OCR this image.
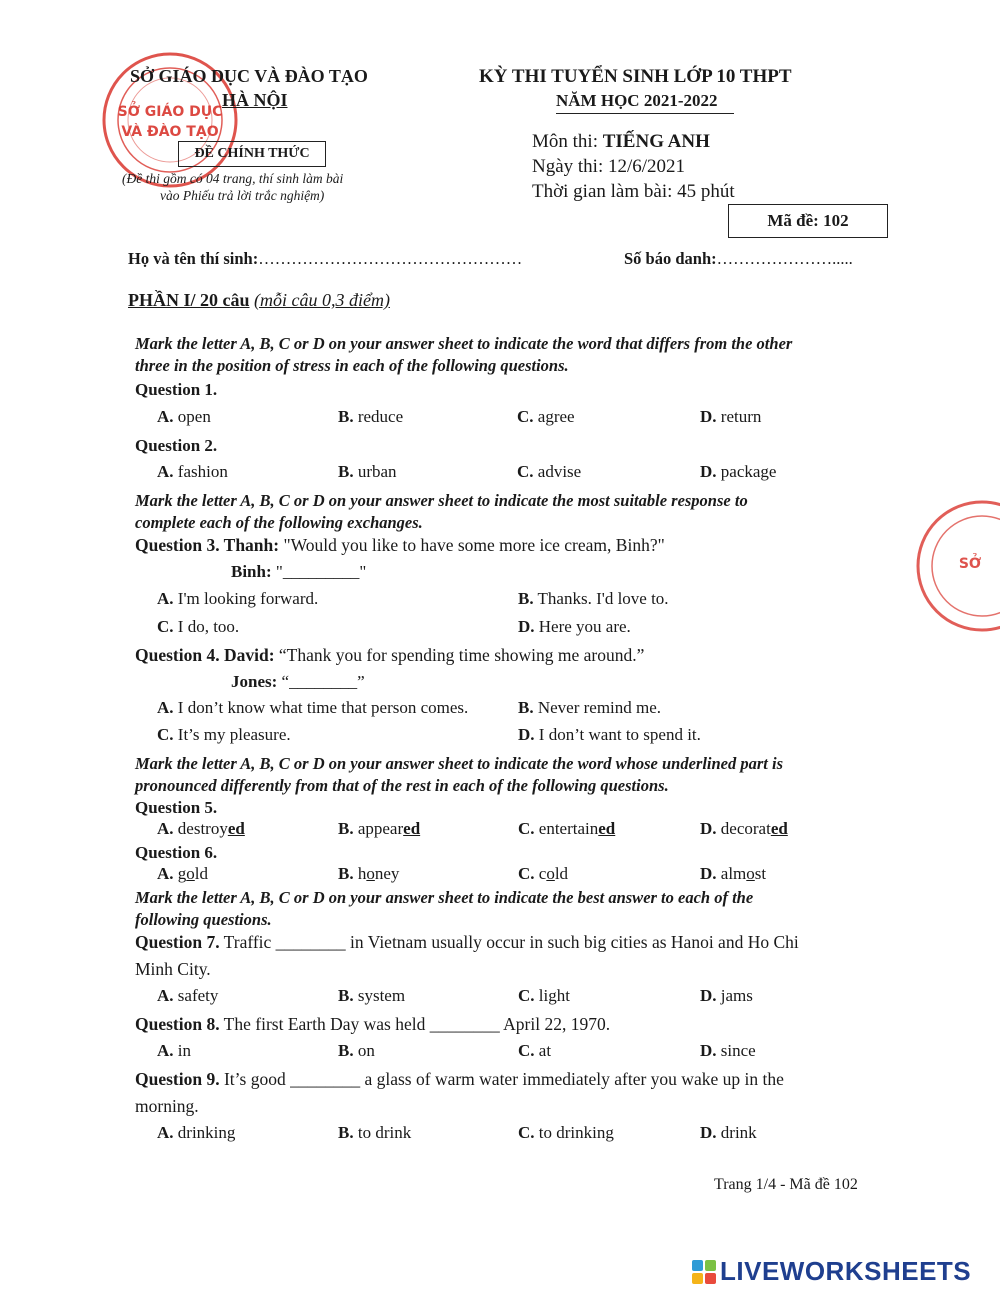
SỞ GIÁO DỤC
VÀ ĐÀO TẠO
SỞ GIÁO DỤC VÀ ĐÀO TẠO
HÀ NỘI
ĐỀ CHÍNH THỨC
(Đề thi gồm có 04 trang, thí sinh làm bài
vào Phiếu trả lời trắc nghiệm)
KỲ THI TUYỂN SINH LỚP 10 THPT
NĂM HỌC 2021-2022
Môn thi: TIẾNG ANH
Ngày thi: 12/6/2021
Thời gian làm bài: 45 phút
Mã đề: 102
Họ và tên thí sinh:…………………………………………	Số báo danh:………………….....
PHẦN I/ 20 câu (mỗi câu 0,3 điểm)
Mark the letter A, B, C or D on your answer sheet to indicate the word that differs from the other
three in the position of stress in each of the following questions.
Question 1.
A. open	B. reduce	C. agree	D. return
Question 2.
A. fashion	B. urban	C. advise	D. package
Mark the letter A, B, C or D on your answer sheet to indicate the most suitable response to
complete each of the following exchanges.
Question 3. Thanh: "Would you like to have some more ice cream, Binh?"
Binh: "_________"
A. I'm looking forward.	B. Thanks. I'd love to.
C. I do, too.	D. Here you are.
Question 4. David: “Thank you for spending time showing me around.”
Jones: “________”
A. I don’t know what time that person comes.	B. Never remind me.
C. It’s my pleasure.	D. I don’t want to spend it.
Mark the letter A, B, C or D on your answer sheet to indicate the word whose underlined part is
pronounced differently from that of the rest in each of the following questions.
Question 5.
A. destroyed	B. appeared	C. entertained	D. decorated
Question 6.
A. gold	B. honey	C. cold	D. almost
Mark the letter A, B, C or D on your answer sheet to indicate the best answer to each of the
following questions.
Question 7. Traffic ________ in Vietnam usually occur in such big cities as Hanoi and Ho Chi
Minh City.
A. safety	B. system	C. light	D. jams
Question 8. The first Earth Day was held ________ April 22, 1970.
A. in	B. on	C. at	D. since
Question 9. It’s good ________ a glass of warm water immediately after you wake up in the
morning.
A. drinking	B. to drink	C. to drinking	D. drink
SỞ
Trang 1/4 - Mã đề 102
LIVEWORKSHEETS
